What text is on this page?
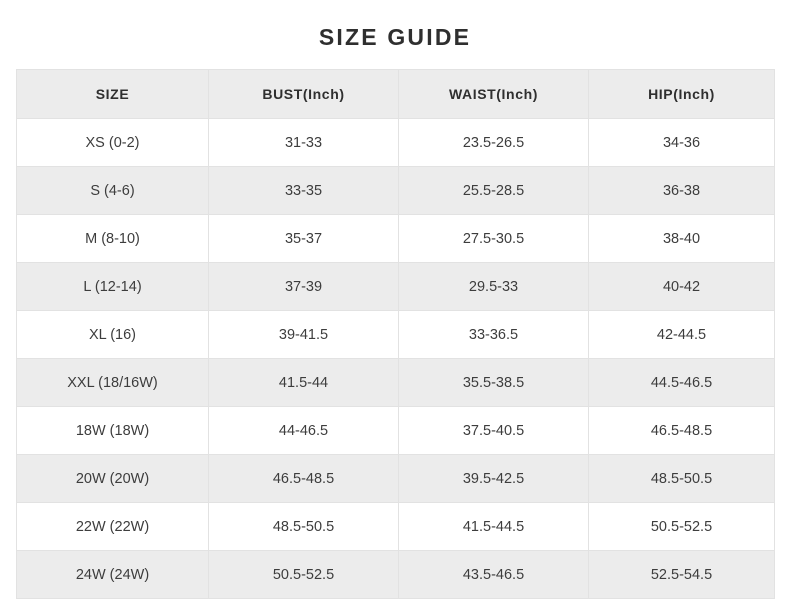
SIZE GUIDE
SIZE	BUST(Inch)	WAIST(Inch)	HIP(Inch)
XS (0-2)	31-33	23.5-26.5	34-36
S (4-6)	33-35	25.5-28.5	36-38
M (8-10)	35-37	27.5-30.5	38-40
L (12-14)	37-39	29.5-33	40-42
XL (16)	39-41.5	33-36.5	42-44.5
XXL (18/16W)	41.5-44	35.5-38.5	44.5-46.5
18W (18W)	44-46.5	37.5-40.5	46.5-48.5
20W (20W)	46.5-48.5	39.5-42.5	48.5-50.5
22W (22W)	48.5-50.5	41.5-44.5	50.5-52.5
24W (24W)	50.5-52.5	43.5-46.5	52.5-54.5
